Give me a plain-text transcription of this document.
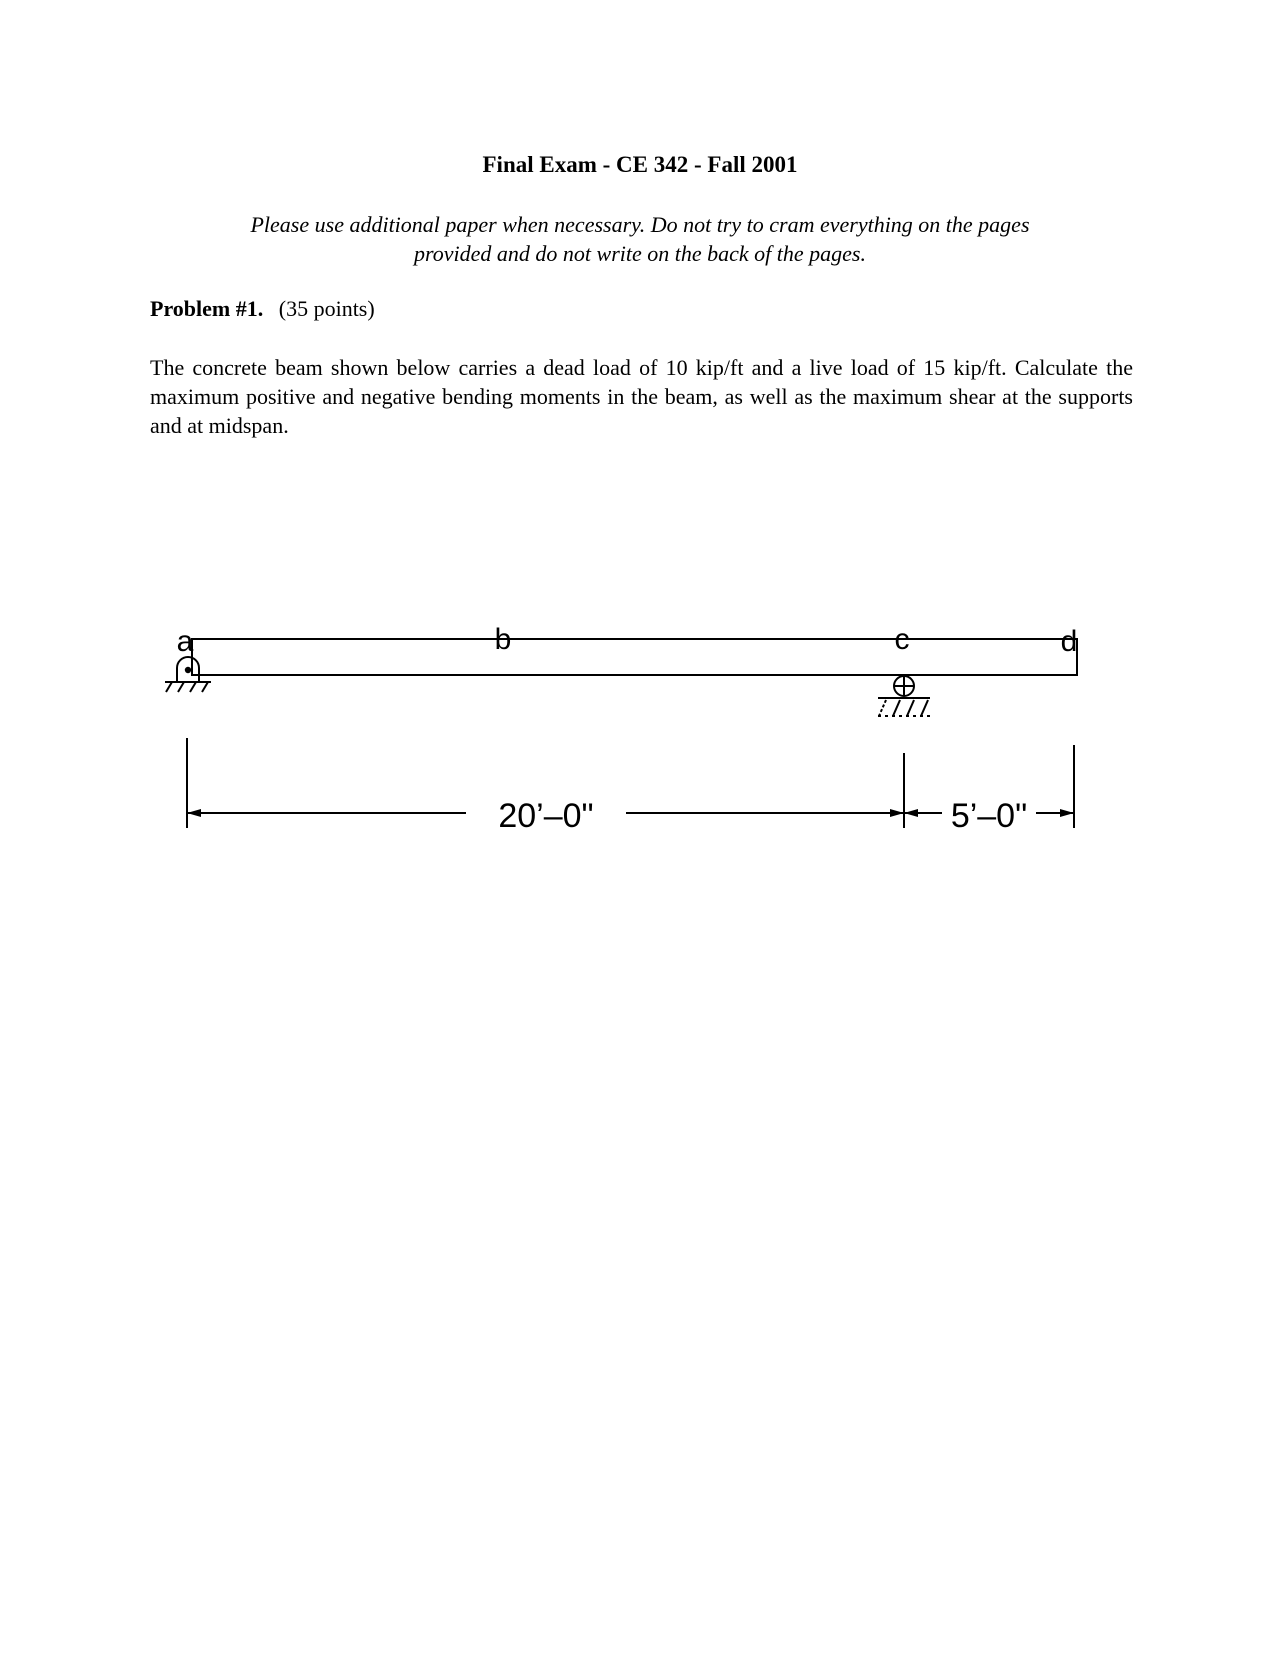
Final Exam - CE 342 - Fall 2001
Please use additional paper when necessary. Do not try to cram everything on the pages
provided and do not write on the back of the pages.
Problem #1. (35 points)
The concrete beam shown below carries a dead load of 10 kip/ft and a live load of 15 kip/ft. Calculate the maximum positive and negative bending moments in the beam, as well as the maximum shear at the supports and at midspan.
a	b	c	d
20’–0"	5’–0"
